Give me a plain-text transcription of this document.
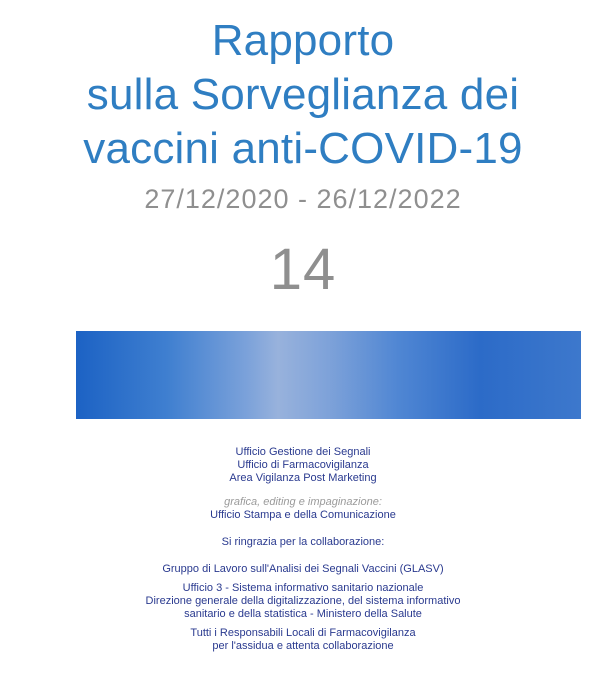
Rapporto
sulla Sorveglianza dei
vaccini anti-COVID-19
27/12/2020 - 26/12/2022
14
Ufficio Gestione dei Segnali
Ufficio di Farmacovigilanza
Area Vigilanza Post Marketing
grafica, editing e impaginazione:
Ufficio Stampa e della Comunicazione
Si ringrazia per la collaborazione:
Gruppo di Lavoro sull'Analisi dei Segnali Vaccini (GLASV)
Ufficio 3 - Sistema informativo sanitario nazionale
Direzione generale della digitalizzazione, del sistema informativo
sanitario e della statistica - Ministero della Salute
Tutti i Responsabili Locali di Farmacovigilanza
per l'assidua e attenta collaborazione
